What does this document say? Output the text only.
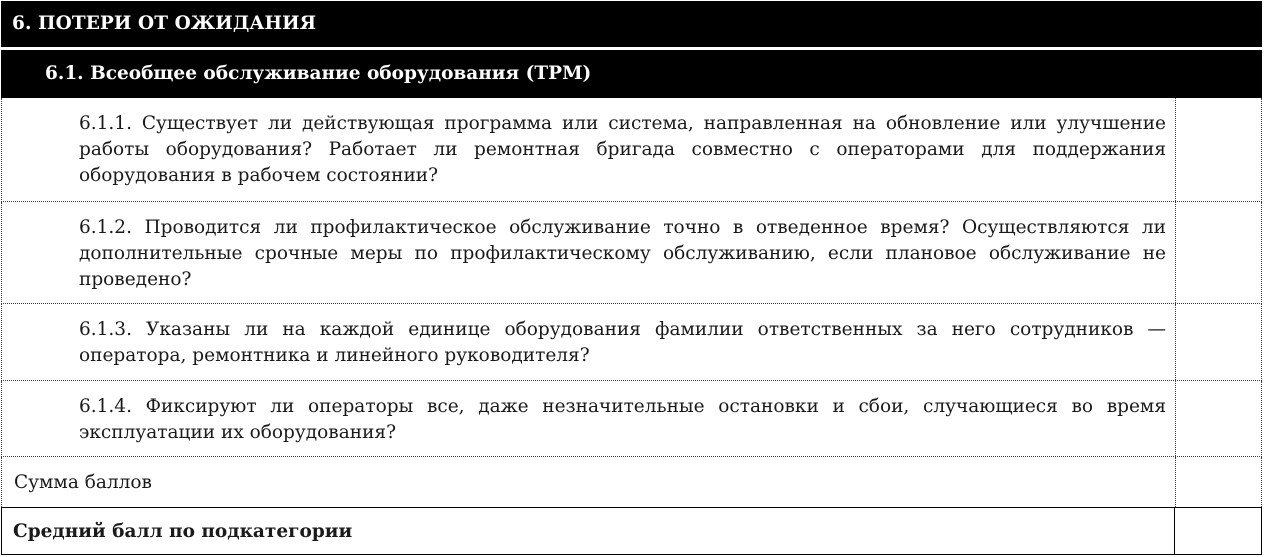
6. ПОТЕРИ ОТ ОЖИДАНИЯ
6.1. Всеобщее обслуживание оборудования (TPM)
6.1.1. Существует ли действующая программа или система, направленная на обновление или улучшение работы оборудования? Работает ли ремонтная бригада совместно с операторами для поддержания оборудования в рабочем состоянии?
6.1.2. Проводится ли профилактическое обслуживание точно в отведенное время? Осуществляются ли дополнительные срочные меры по профилактическому обслуживанию, если плановое обслуживание не проведено?
6.1.3. Указаны ли на каждой единице оборудования фамилии ответственных за него сотрудников — оператора, ремонтника и линейного руководителя?
6.1.4. Фиксируют ли операторы все, даже незначительные остановки и сбои, случающиеся во время эксплуатации их оборудования?
Сумма баллов
Средний балл по подкатегории
